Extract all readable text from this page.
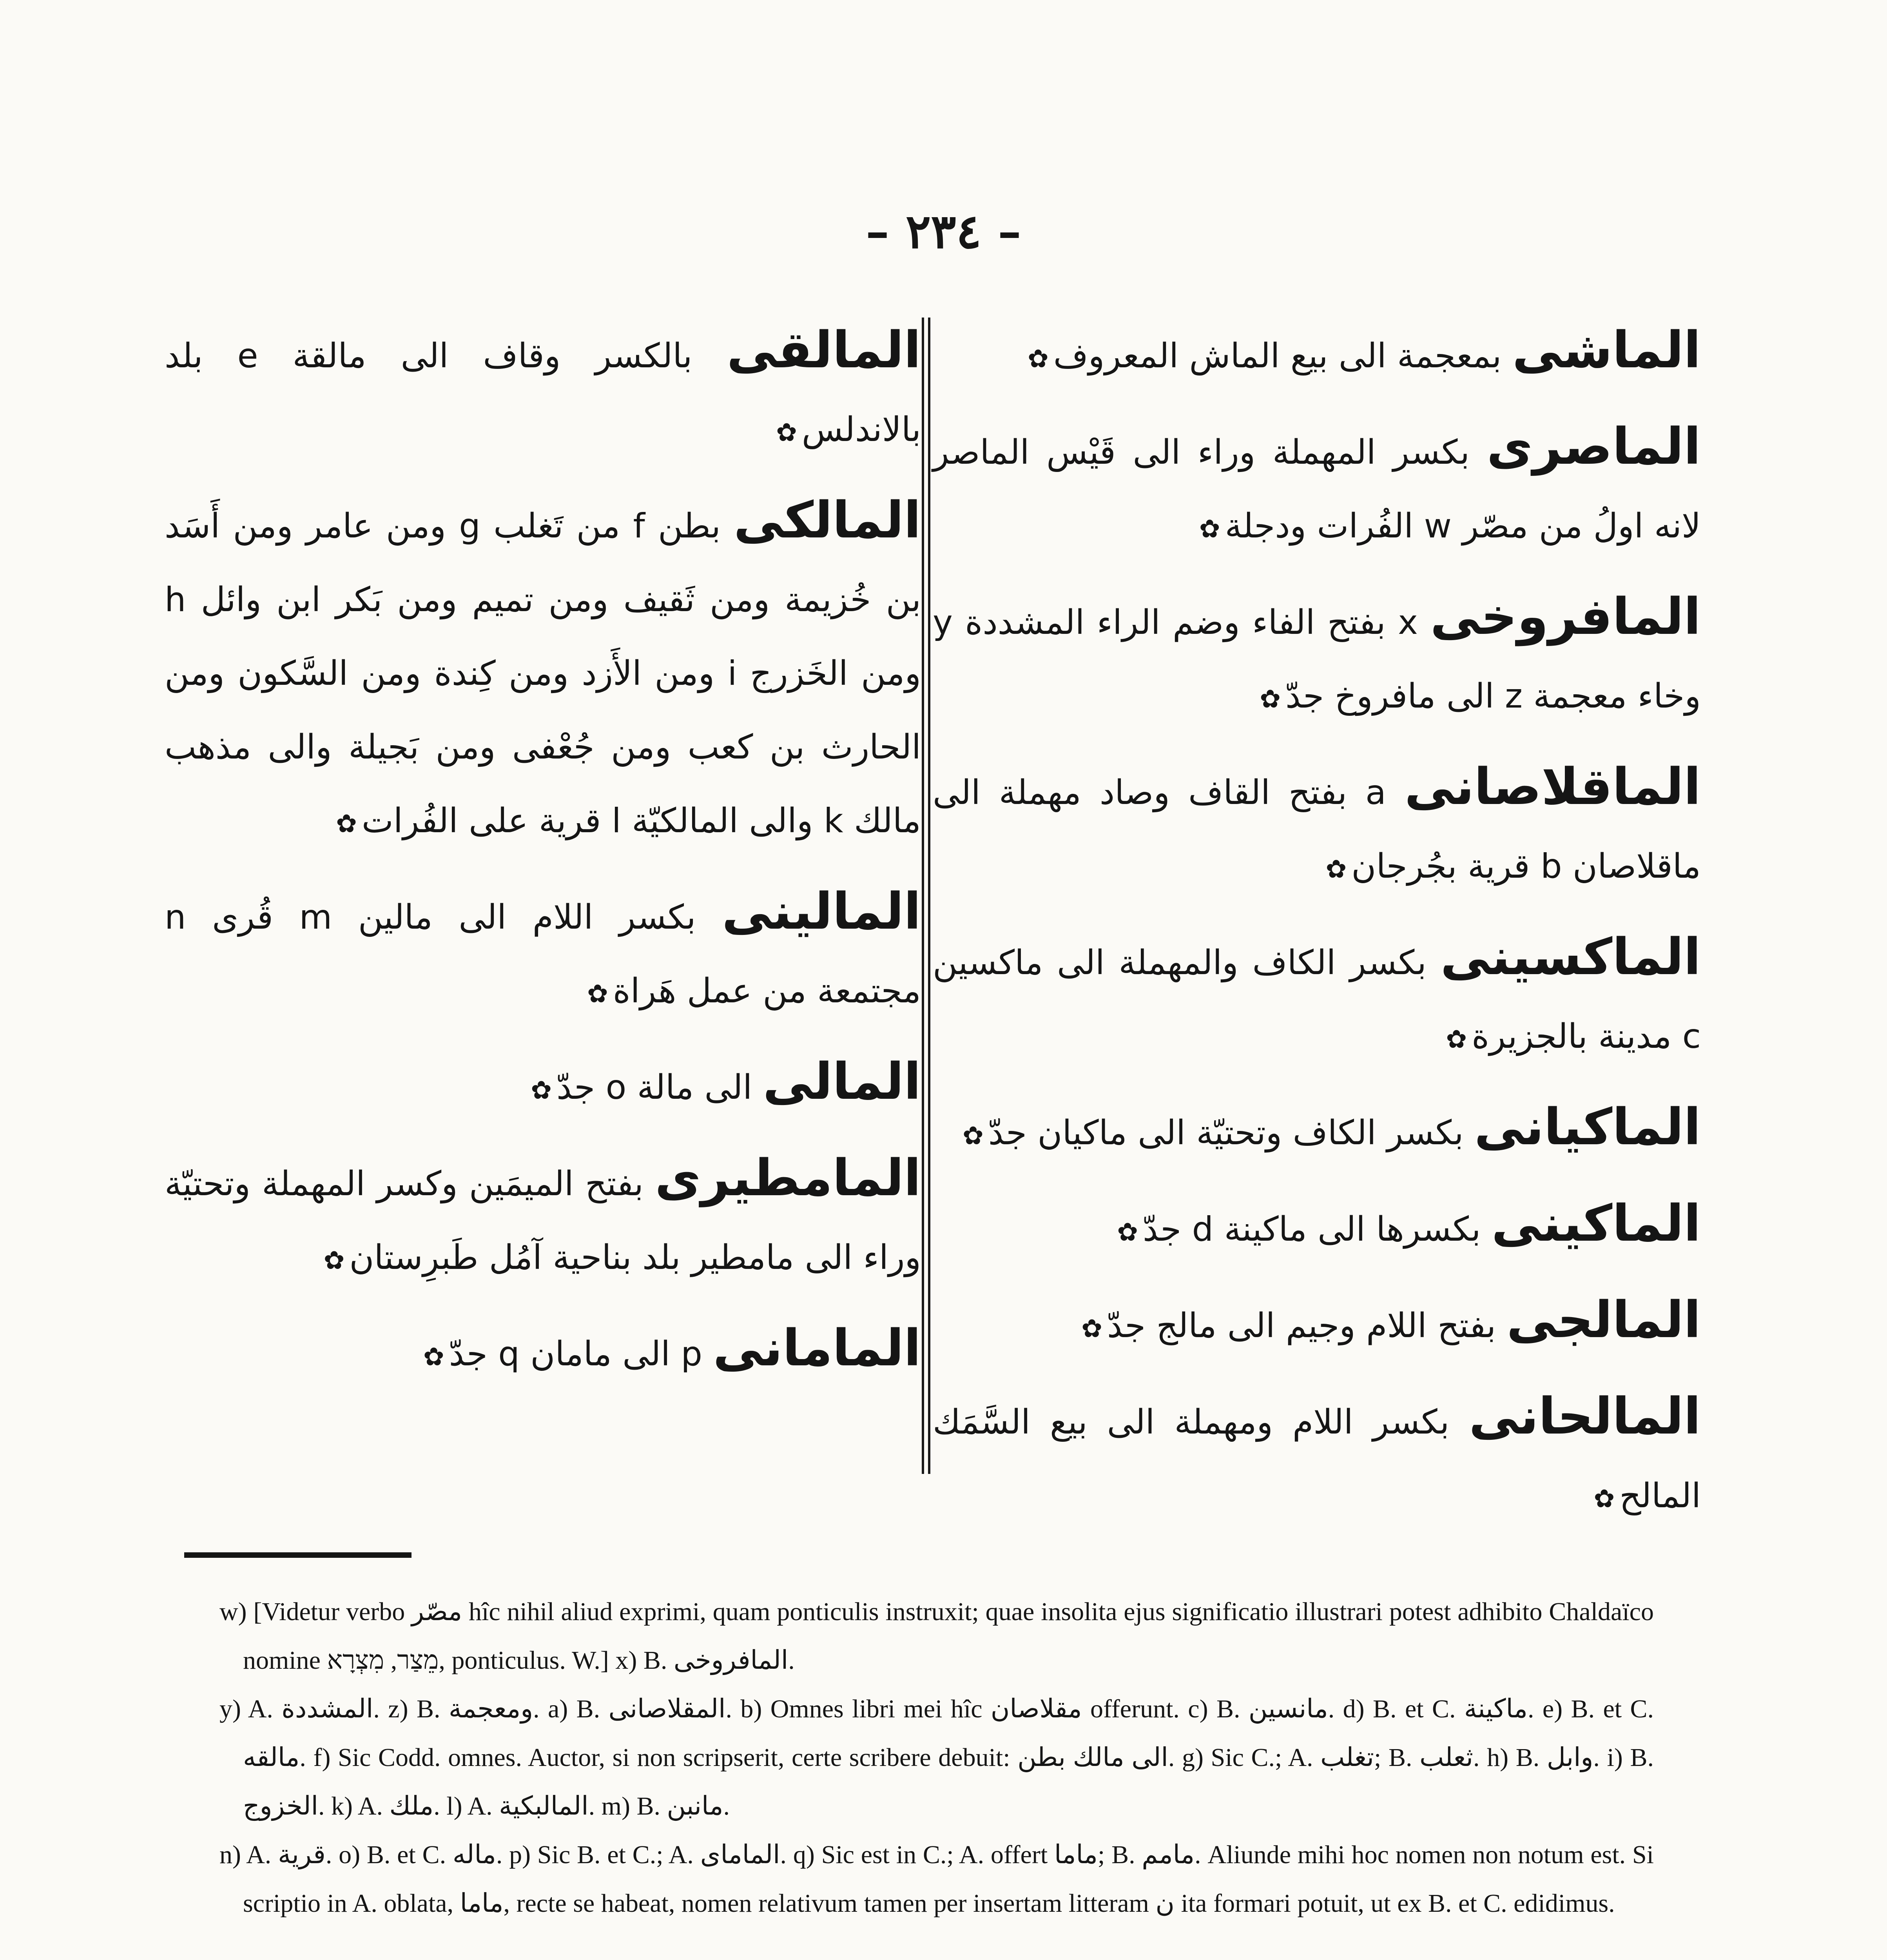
– ٢٣٤ –

الماشى بمعجمة الى بيع الماش المعروف✿

الماصرى بكسر المهملة وراء الى قَيْس الماصر لانه اولُ من مصّر w الفُرات ودجلة✿

المافروخى x بفتح الفاء وضم الراء المشددة y وخاء معجمة z الى مافروخ جدّ✿

الماقلاصانى a بفتح القاف وصاد مهملة الى ماقلاصان b قرية بجُرجان✿

الماكسينى بكسر الكاف والمهملة الى ماكسين c مدينة بالجزيرة✿

الماكيانى بكسر الكاف وتحتيّة الى ماكيان جدّ✿

الماكينى بكسرها الى ماكينة d جدّ✿

المالجى بفتح اللام وجيم الى مالج جدّ✿

المالحانى بكسر اللام ومهملة الى بيع السَّمَك المالح✿

المالقى بالكسر وقاف الى مالقة e بلد بالاندلس✿

المالكى بطن f من تَغلب g ومن عامر ومن أَسَد بن خُزيمة ومن ثَقيف ومن تميم ومن بَكر ابن وائل h ومن الخَزرج i ومن الأَزد ومن كِندة ومن السَّكون ومن الحارث بن كعب ومن جُعْفى ومن بَجيلة والى مذهب مالك k والى المالكيّة l قرية على الفُرات✿

المالينى بكسر اللام الى مالين m قُرى n مجتمعة من عمل هَراة✿

المالى الى مالة o جدّ✿

المامطيرى بفتح الميمَين وكسر المهملة وتحتيّة وراء الى مامطير بلد بناحية آمُل طَبرِستان✿

المامانى p الى مامان q جدّ✿

w) [Videtur verbo مصّر hîc nihil aliud exprimi, quam ponticulis instruxit; quae insolita ejus significatio illustrari potest adhibito Chaldaïco nomine מֵצַר, מִצְרָא, ponticulus. W.] x) B. المافروخى.

y) A. المشددة. z) B. ومعجمة. a) B. المقلاصانى. b) Omnes libri mei hîc مقلاصان offerunt. c) B. مانسين. d) B. et C. ماكينة. e) B. et C. مالقه. f) Sic Codd. omnes. Auctor, si non scripserit, certe scribere debuit: الى مالك بطن. g) Sic C.; A. تغلب; B. ثعلب. h) B. وابل. i) B. الخزوج. k) A. ملك. l) A. المالبكية. m) B. مانبن.

n) A. قرية. o) B. et C. ماله. p) Sic B. et C.; A. الماماى. q) Sic est in C.; A. offert ماما; B. مامم. Aliunde mihi hoc nomen non notum est. Si scriptio in A. oblata, ماما, recte se habeat, nomen relativum tamen per insertam litteram ن ita formari potuit, ut ex B. et C. edidimus.
